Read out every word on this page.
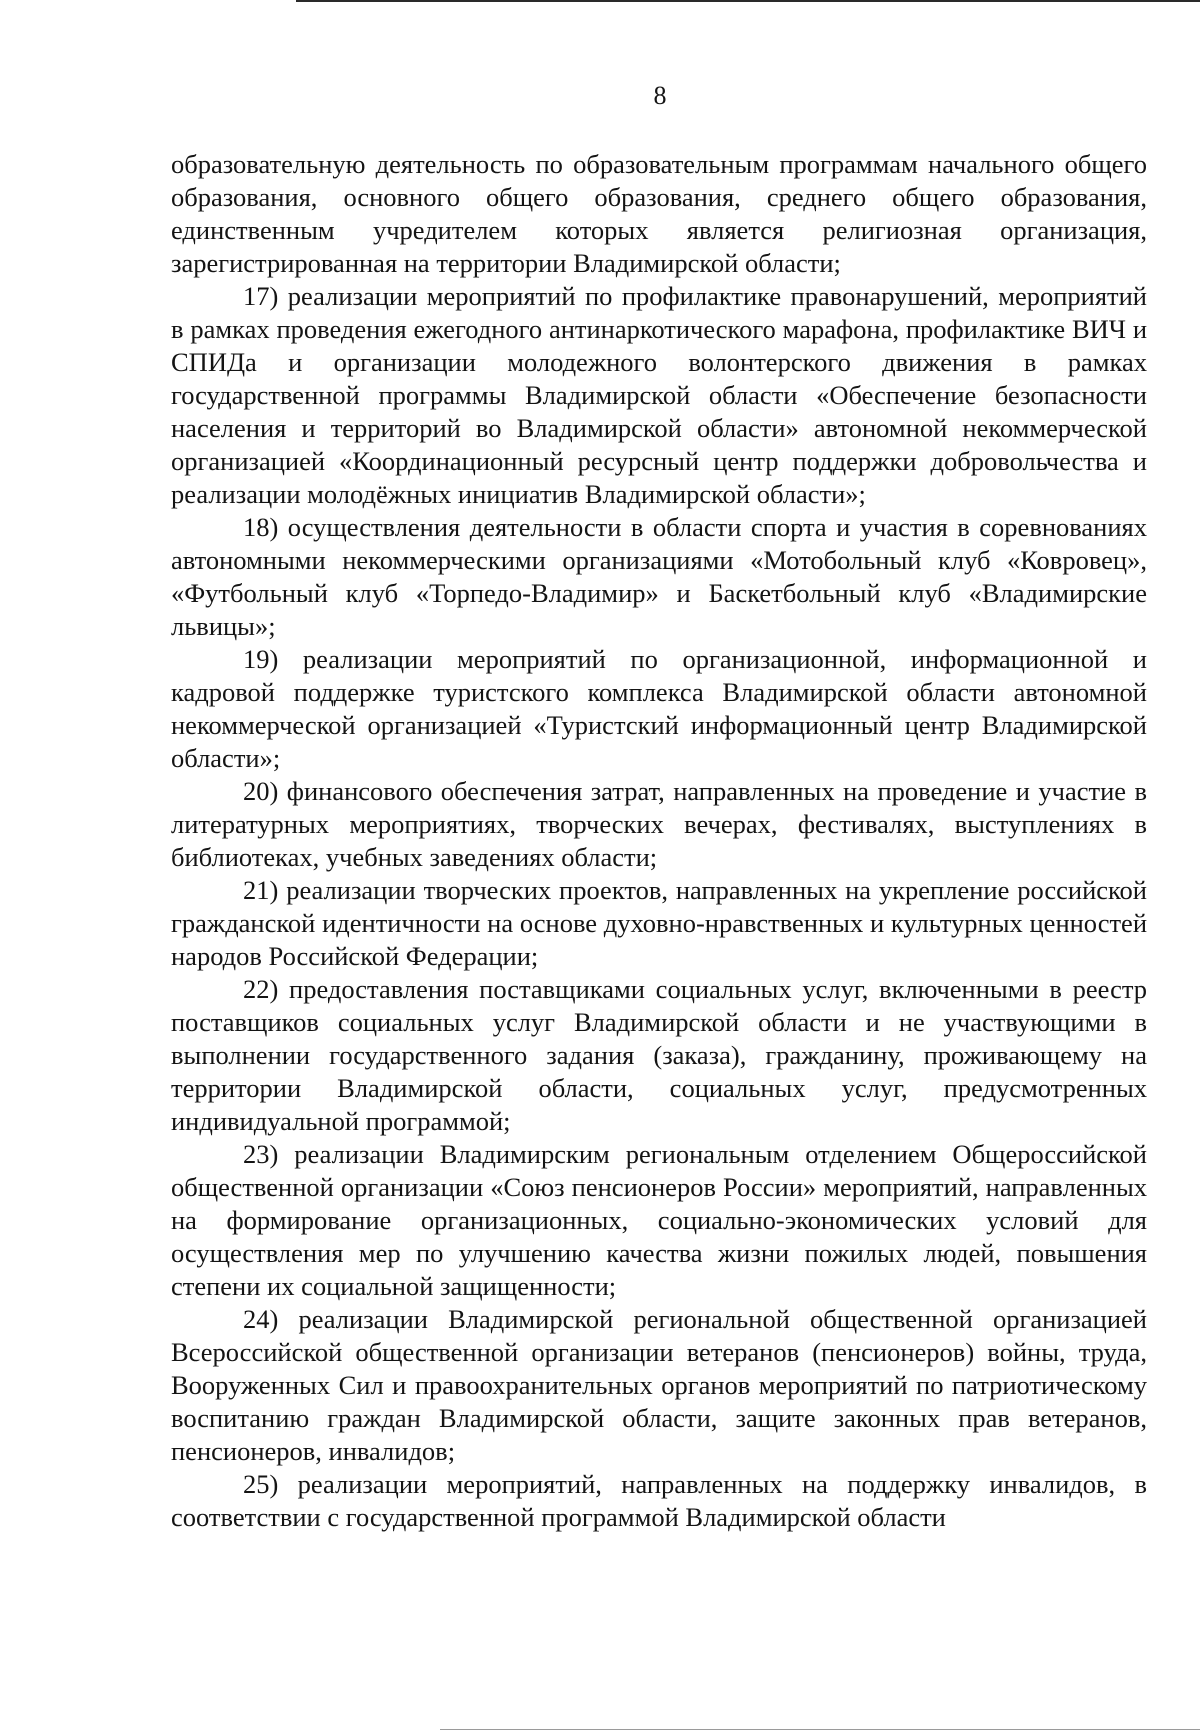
8

образовательную деятельность по образовательным программам начального общего образования, основного общего образования, среднего общего образования, единственным учредителем которых является религиозная организация, зарегистрированная на территории Владимирской области;

17) реализации мероприятий по профилактике правонарушений, мероприятий в рамках проведения ежегодного антинаркотического марафона, профилактике ВИЧ и СПИДа и организации молодежного волонтерского движения в рамках государственной программы Владимирской области «Обеспечение безопасности населения и территорий во Владимирской области» автономной некоммерческой организацией «Координационный ресурсный центр поддержки добровольчества и реализации молодёжных инициатив Владимирской области»;

18) осуществления деятельности в области спорта и участия в соревнованиях автономными некоммерческими организациями «Мотобольный клуб «Ковровец», «Футбольный клуб «Торпедо-Владимир» и Баскетбольный клуб «Владимирские львицы»;

19) реализации мероприятий по организационной, информационной и кадровой поддержке туристского комплекса Владимирской области автономной некоммерческой организацией «Туристский информационный центр Владимирской области»;

20) финансового обеспечения затрат, направленных на проведение и участие в литературных мероприятиях, творческих вечерах, фестивалях, выступлениях в библиотеках, учебных заведениях области;

21) реализации творческих проектов, направленных на укрепление российской гражданской идентичности на основе духовно-нравственных и культурных ценностей народов Российской Федерации;

22) предоставления поставщиками социальных услуг, включенными в реестр поставщиков социальных услуг Владимирской области и не участвующими в выполнении государственного задания (заказа), гражданину, проживающему на территории Владимирской области, социальных услуг, предусмотренных индивидуальной программой;

23) реализации Владимирским региональным отделением Общероссийской общественной организации «Союз пенсионеров России» мероприятий, направленных на формирование организационных, социально-экономических условий для осуществления мер по улучшению качества жизни пожилых людей, повышения степени их социальной защищенности;

24) реализации Владимирской региональной общественной организацией Всероссийской общественной организации ветеранов (пенсионеров) войны, труда, Вооруженных Сил и правоохранительных органов мероприятий по патриотическому воспитанию граждан Владимирской области, защите законных прав ветеранов, пенсионеров, инвалидов;

25) реализации мероприятий, направленных на поддержку инвалидов, в соответствии с государственной программой Владимирской области
